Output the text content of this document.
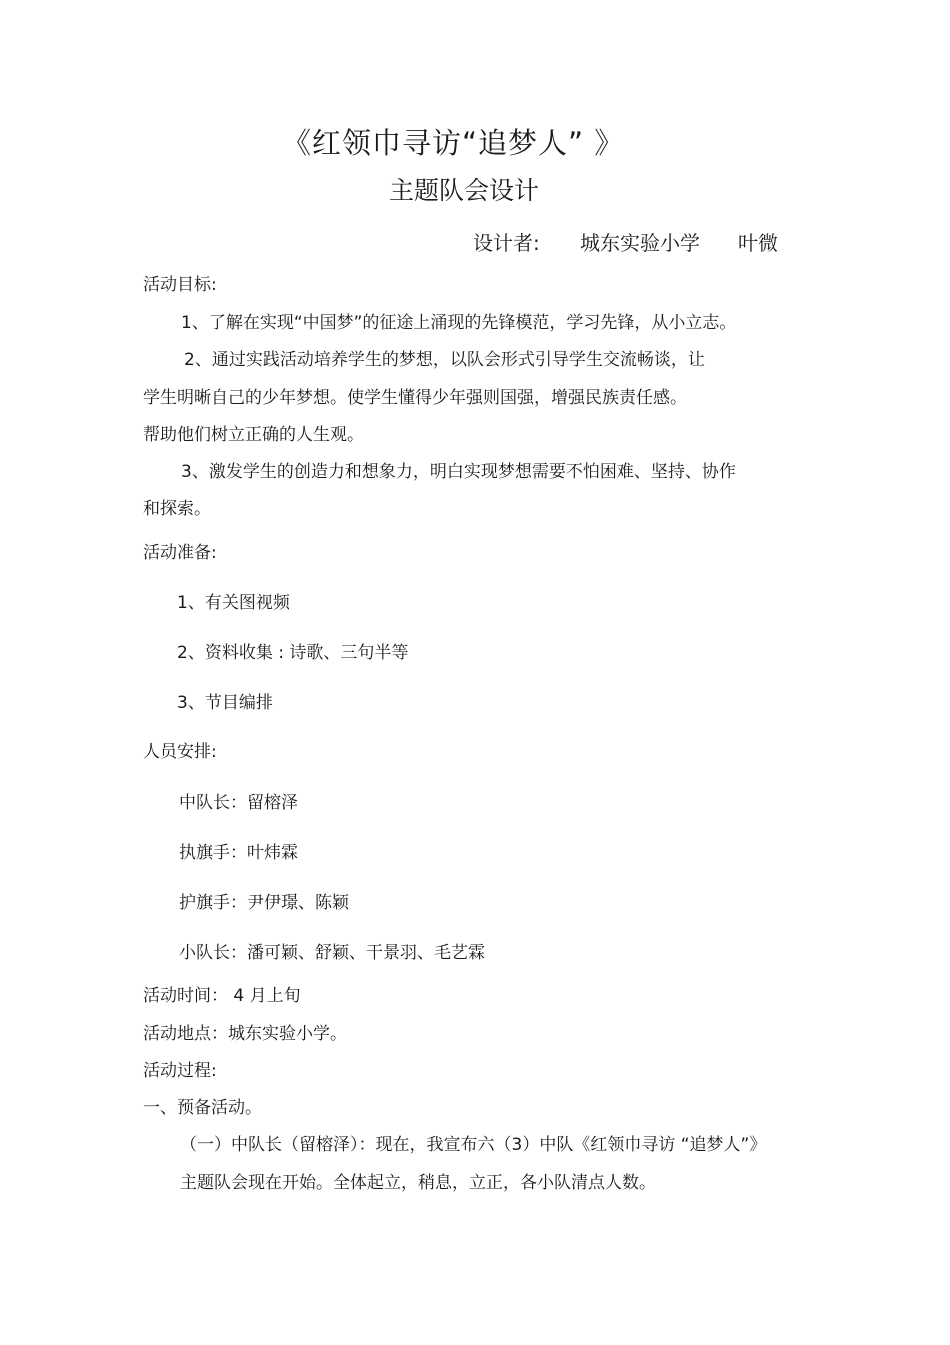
《红领巾寻访“追梦人” 》
主题队会设计
设计者: 城东实验小学 叶微
活动目标:
1、了解在实现“中国梦”的征途上涌现的先锋模范，学习先锋，从小立志。
2、通过实践活动培养学生的梦想，以队会形式引导学生交流畅谈，让
学生明晰自己的少年梦想。使学生懂得少年强则国强，增强民族责任感。
帮助他们树立正确的人生观。
3、激发学生的创造力和想象力，明白实现梦想需要不怕困难、坚持、协作
和探索。
活动准备:
1、有关图视频
2、资料收集 : 诗歌、三句半等
3、节目编排
人员安排:
中队长：留榕泽
执旗手：叶炜霖
护旗手：尹伊璟、陈颖
小队长：潘可颖、舒颖、干景羽、毛艺霖
活动时间： 4 月上旬
活动地点：城东实验小学。
活动过程:
一、预备活动。
（一）中队长（留榕泽）：现在，我宣布六（3）中队《红领巾寻访 “追梦人”》
主题队会现在开始。全体起立，稍息，立正，各小队清点人数。
